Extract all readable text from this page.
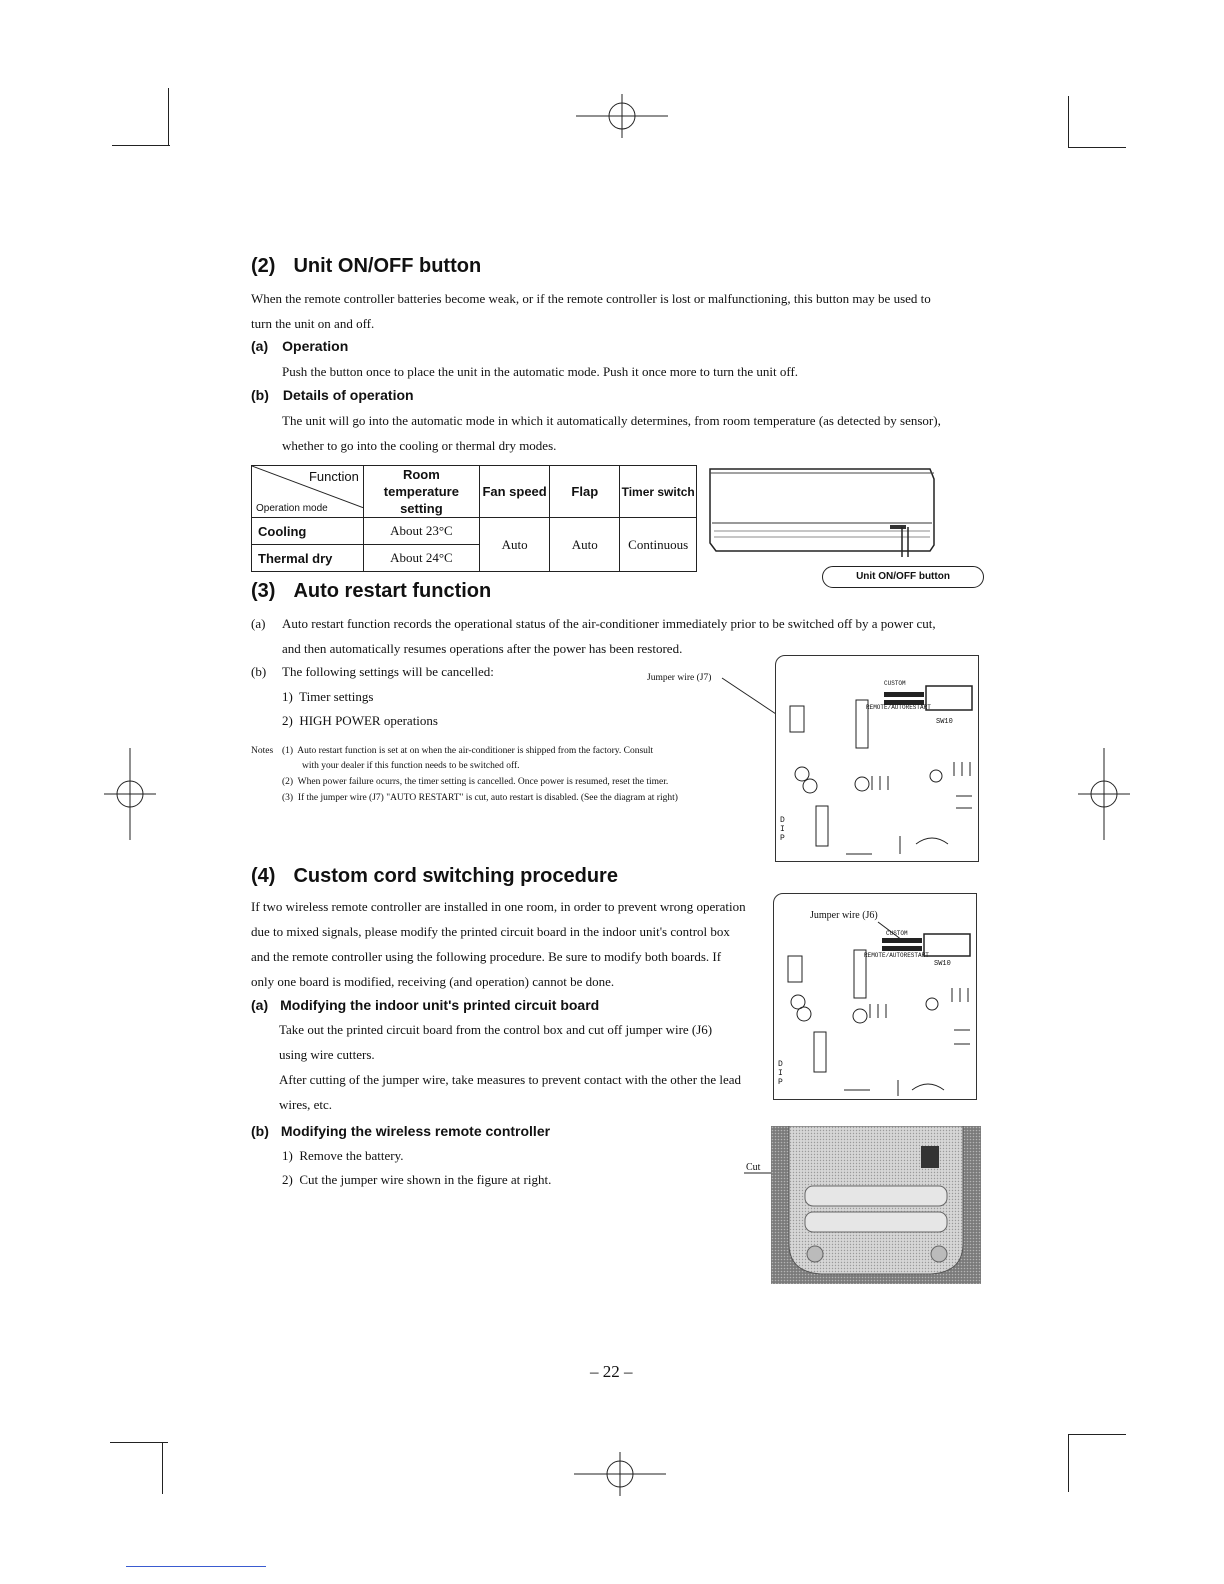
(2) Unit ON/OFF button
When the remote controller batteries become weak, or if the remote controller is lost or malfunctioning, this button may be used to
turn the unit on and off.
(a) Operation
Push the button once to place the unit in the automatic mode. Push it once more to turn the unit off.
(b) Details of operation
The unit will go into the automatic mode in which it automatically determines, from room temperature (as detected by sensor),
whether to go into the cooling or thermal dry modes.
Function
Operation mode	Room temperature setting	Fan speed	Flap	Timer switch
Cooling	About 23°C	Auto	Auto	Continuous
Thermal dry	About 24°C			
Unit ON/OFF button
(3) Auto restart function
(a) Auto restart function records the operational status of the air-conditioner immediately prior to be switched off by a power cut,
and then automatically resumes operations after the power has been restored.
(b) The following settings will be cancelled:
1)  Timer settings
2)  HIGH POWER operations
Jumper wire (J7)
Notes (1)  Auto restart function is set at on when the air-conditioner is shipped from the factory. Consult
with your dealer if this function needs to be switched off.
(2)  When power failure ocurrs, the timer setting is cancelled. Once power is resumed, reset the timer.
(3)  If the jumper wire (J7) "AUTO RESTART" is cut, auto restart is disabled. (See the diagram at right)
CUSTOM
REMOTE/AUTORESTART
SW10
DIP
(4) Custom cord switching procedure
If two wireless remote controller are installed in one room, in order to prevent wrong operation
due to mixed signals, please modify the printed circuit board in the indoor unit's control box
and the remote controller using the following procedure. Be sure to modify both boards. If
only one board is modified, receiving (and operation) cannot be done.
(a) Modifying the indoor unit's printed circuit board
Take out the printed circuit board from the control box and cut off jumper wire (J6)
using wire cutters.
After cutting of the jumper wire, take measures to prevent contact with the other the lead
wires, etc.
(b) Modifying the wireless remote controller
1)  Remove the battery.
2)  Cut the jumper wire shown in the figure at right.
Jumper wire (J6)
CUSTOM
REMOTE/AUTORESTART
SW10
DIP
Cut
– 22 –
